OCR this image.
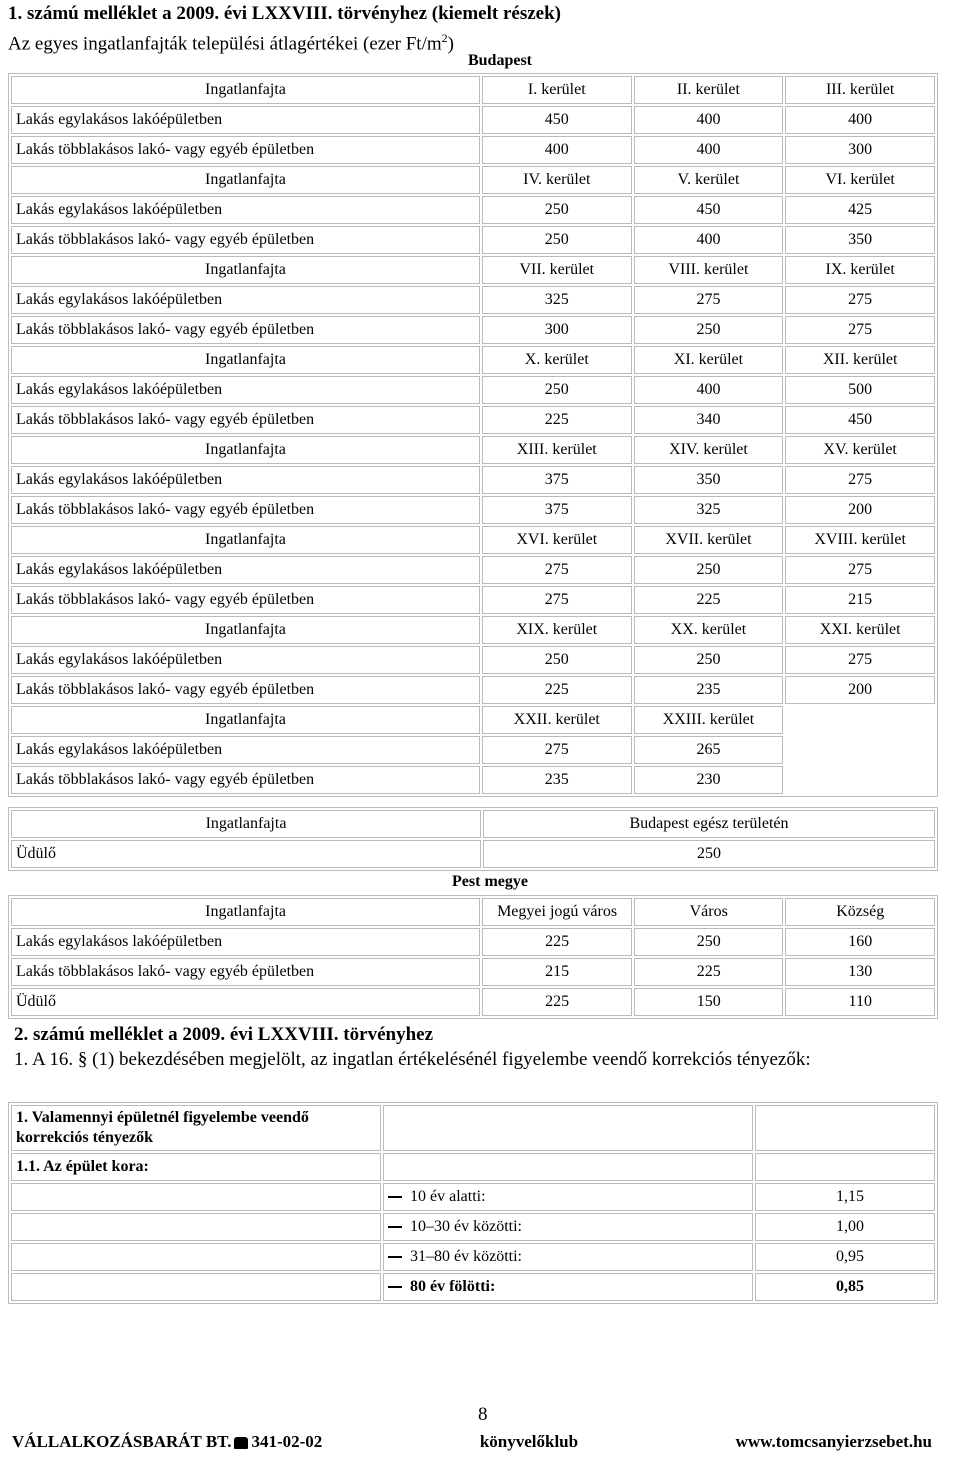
1. számú melléklet a 2009. évi LXXVIII. törvényhez (kiemelt részek)
Az egyes ingatlanfajták települési átlagértékei (ezer $Ft/m^2$)
Budapest
Ingatlanfajta	I. kerület	II. kerület	III. kerület
Lakás egylakásos lakóépületben	450	400	400
Lakás többlakásos lakó- vagy egyéb épületben	400	400	300
Ingatlanfajta	IV. kerület	V. kerület	VI. kerület
Lakás egylakásos lakóépületben	250	450	425
Lakás többlakásos lakó- vagy egyéb épületben	250	400	350
Ingatlanfajta	VII. kerület	VIII. kerület	IX. kerület
Lakás egylakásos lakóépületben	325	275	275
Lakás többlakásos lakó- vagy egyéb épületben	300	250	275
Ingatlanfajta	X. kerület	XI. kerület	XII. kerület
Lakás egylakásos lakóépületben	250	400	500
Lakás többlakásos lakó- vagy egyéb épületben	225	340	450
Ingatlanfajta	XIII. kerület	XIV. kerület	XV. kerület
Lakás egylakásos lakóépületben	375	350	275
Lakás többlakásos lakó- vagy egyéb épületben	375	325	200
Ingatlanfajta	XVI. kerület	XVII. kerület	XVIII. kerület
Lakás egylakásos lakóépületben	275	250	275
Lakás többlakásos lakó- vagy egyéb épületben	275	225	215
Ingatlanfajta	XIX. kerület	XX. kerület	XXI. kerület
Lakás egylakásos lakóépületben	250	250	275
Lakás többlakásos lakó- vagy egyéb épületben	225	235	200
Ingatlanfajta	XXII. kerület	XXIII. kerület	
Lakás egylakásos lakóépületben	275	265	
Lakás többlakásos lakó- vagy egyéb épületben	235	230	
Ingatlanfajta	Budapest egész területén
Üdülő	250
Pest megye
Ingatlanfajta	Megyei jogú város	Város	Község
Lakás egylakásos lakóépületben	225	250	160
Lakás többlakásos lakó- vagy egyéb épületben	215	225	130
Üdülő	225	150	110
2. számú melléklet a 2009. évi LXXVIII. törvényhez
1. A 16. § (1) bekezdésében megjelölt, az ingatlan értékelésénél figyelembe veendő korrekciós tényezők:
1. Valamennyi épületnél figyelembe veendő korrekciós tényezők		
1.1. Az épület kora:		
	10 év alatti:	1,15
	10–30 év közötti:	1,00
	31–80 év közötti:	0,95
	80 év fölötti:	0,85
8
VÁLLALKOZÁSBARÁT BT. 341-02-02	könyvelőklub	www.tomcsanyierzsebet.hu
